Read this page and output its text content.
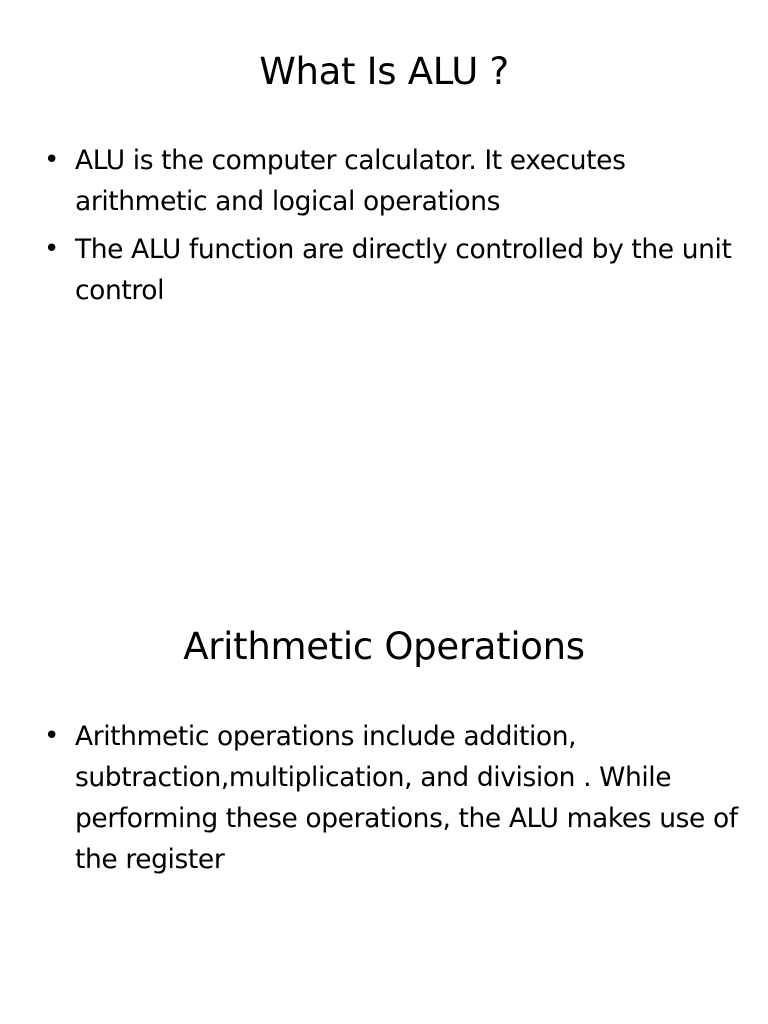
What Is ALU ?
• ALU is the computer calculator. It executes arithmetic and logical operations
• The ALU function are directly controlled by the unit control
Arithmetic Operations
• Arithmetic operations include addition, subtraction,multiplication, and division . While performing these operations, the ALU makes use of the register
